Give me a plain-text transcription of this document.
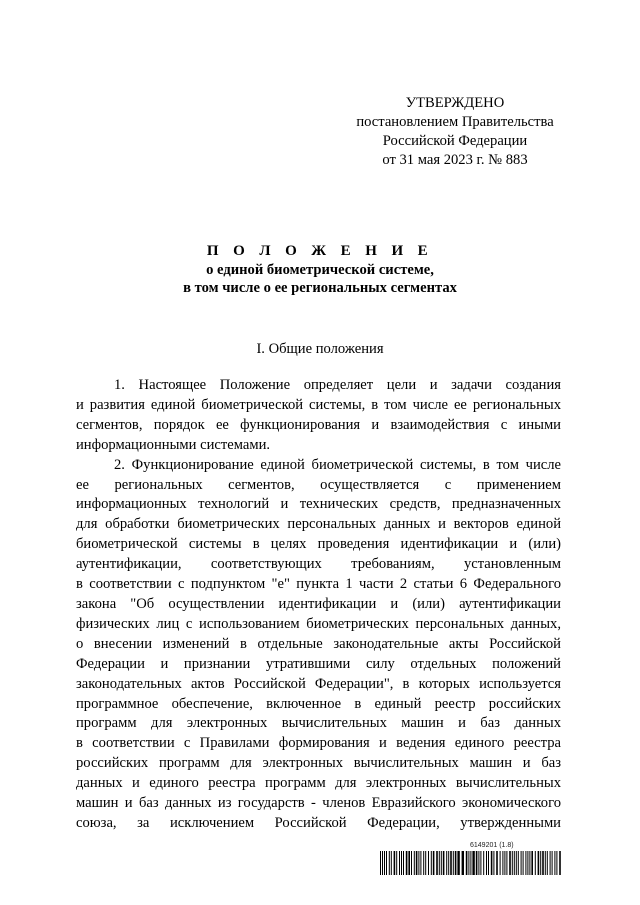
УТВЕРЖДЕНО
постановлением Правительства
Российской Федерации
от 31 мая 2023 г. № 883
П О Л О Ж Е Н И Е
о единой биометрической системе,
в том числе о ее региональных сегментах
I. Общие положения
1. Настоящее Положение определяет цели и задачи создания
и развития единой биометрической системы, в том числе ее региональных
сегментов, порядок ее функционирования и взаимодействия с иными
информационными системами.
2. Функционирование единой биометрической системы, в том числе
ее региональных сегментов, осуществляется с применением
информационных технологий и технических средств, предназначенных
для обработки биометрических персональных данных и векторов единой
биометрической системы в целях проведения идентификации и (или)
аутентификации, соответствующих требованиям, установленным
в соответствии с подпунктом "е" пункта 1 части 2 статьи 6 Федерального
закона "Об осуществлении идентификации и (или) аутентификации
физических лиц с использованием биометрических персональных данных,
о внесении изменений в отдельные законодательные акты Российской
Федерации и признании утратившими силу отдельных положений
законодательных актов Российской Федерации", в которых используется
программное обеспечение, включенное в единый реестр российских
программ для электронных вычислительных машин и баз данных
в соответствии с Правилами формирования и ведения единого реестра
российских программ для электронных вычислительных машин и баз
данных и единого реестра программ для электронных вычислительных
машин и баз данных из государств - членов Евразийского экономического
союза, за исключением Российской Федерации, утвержденными
6149201 (1.8)
